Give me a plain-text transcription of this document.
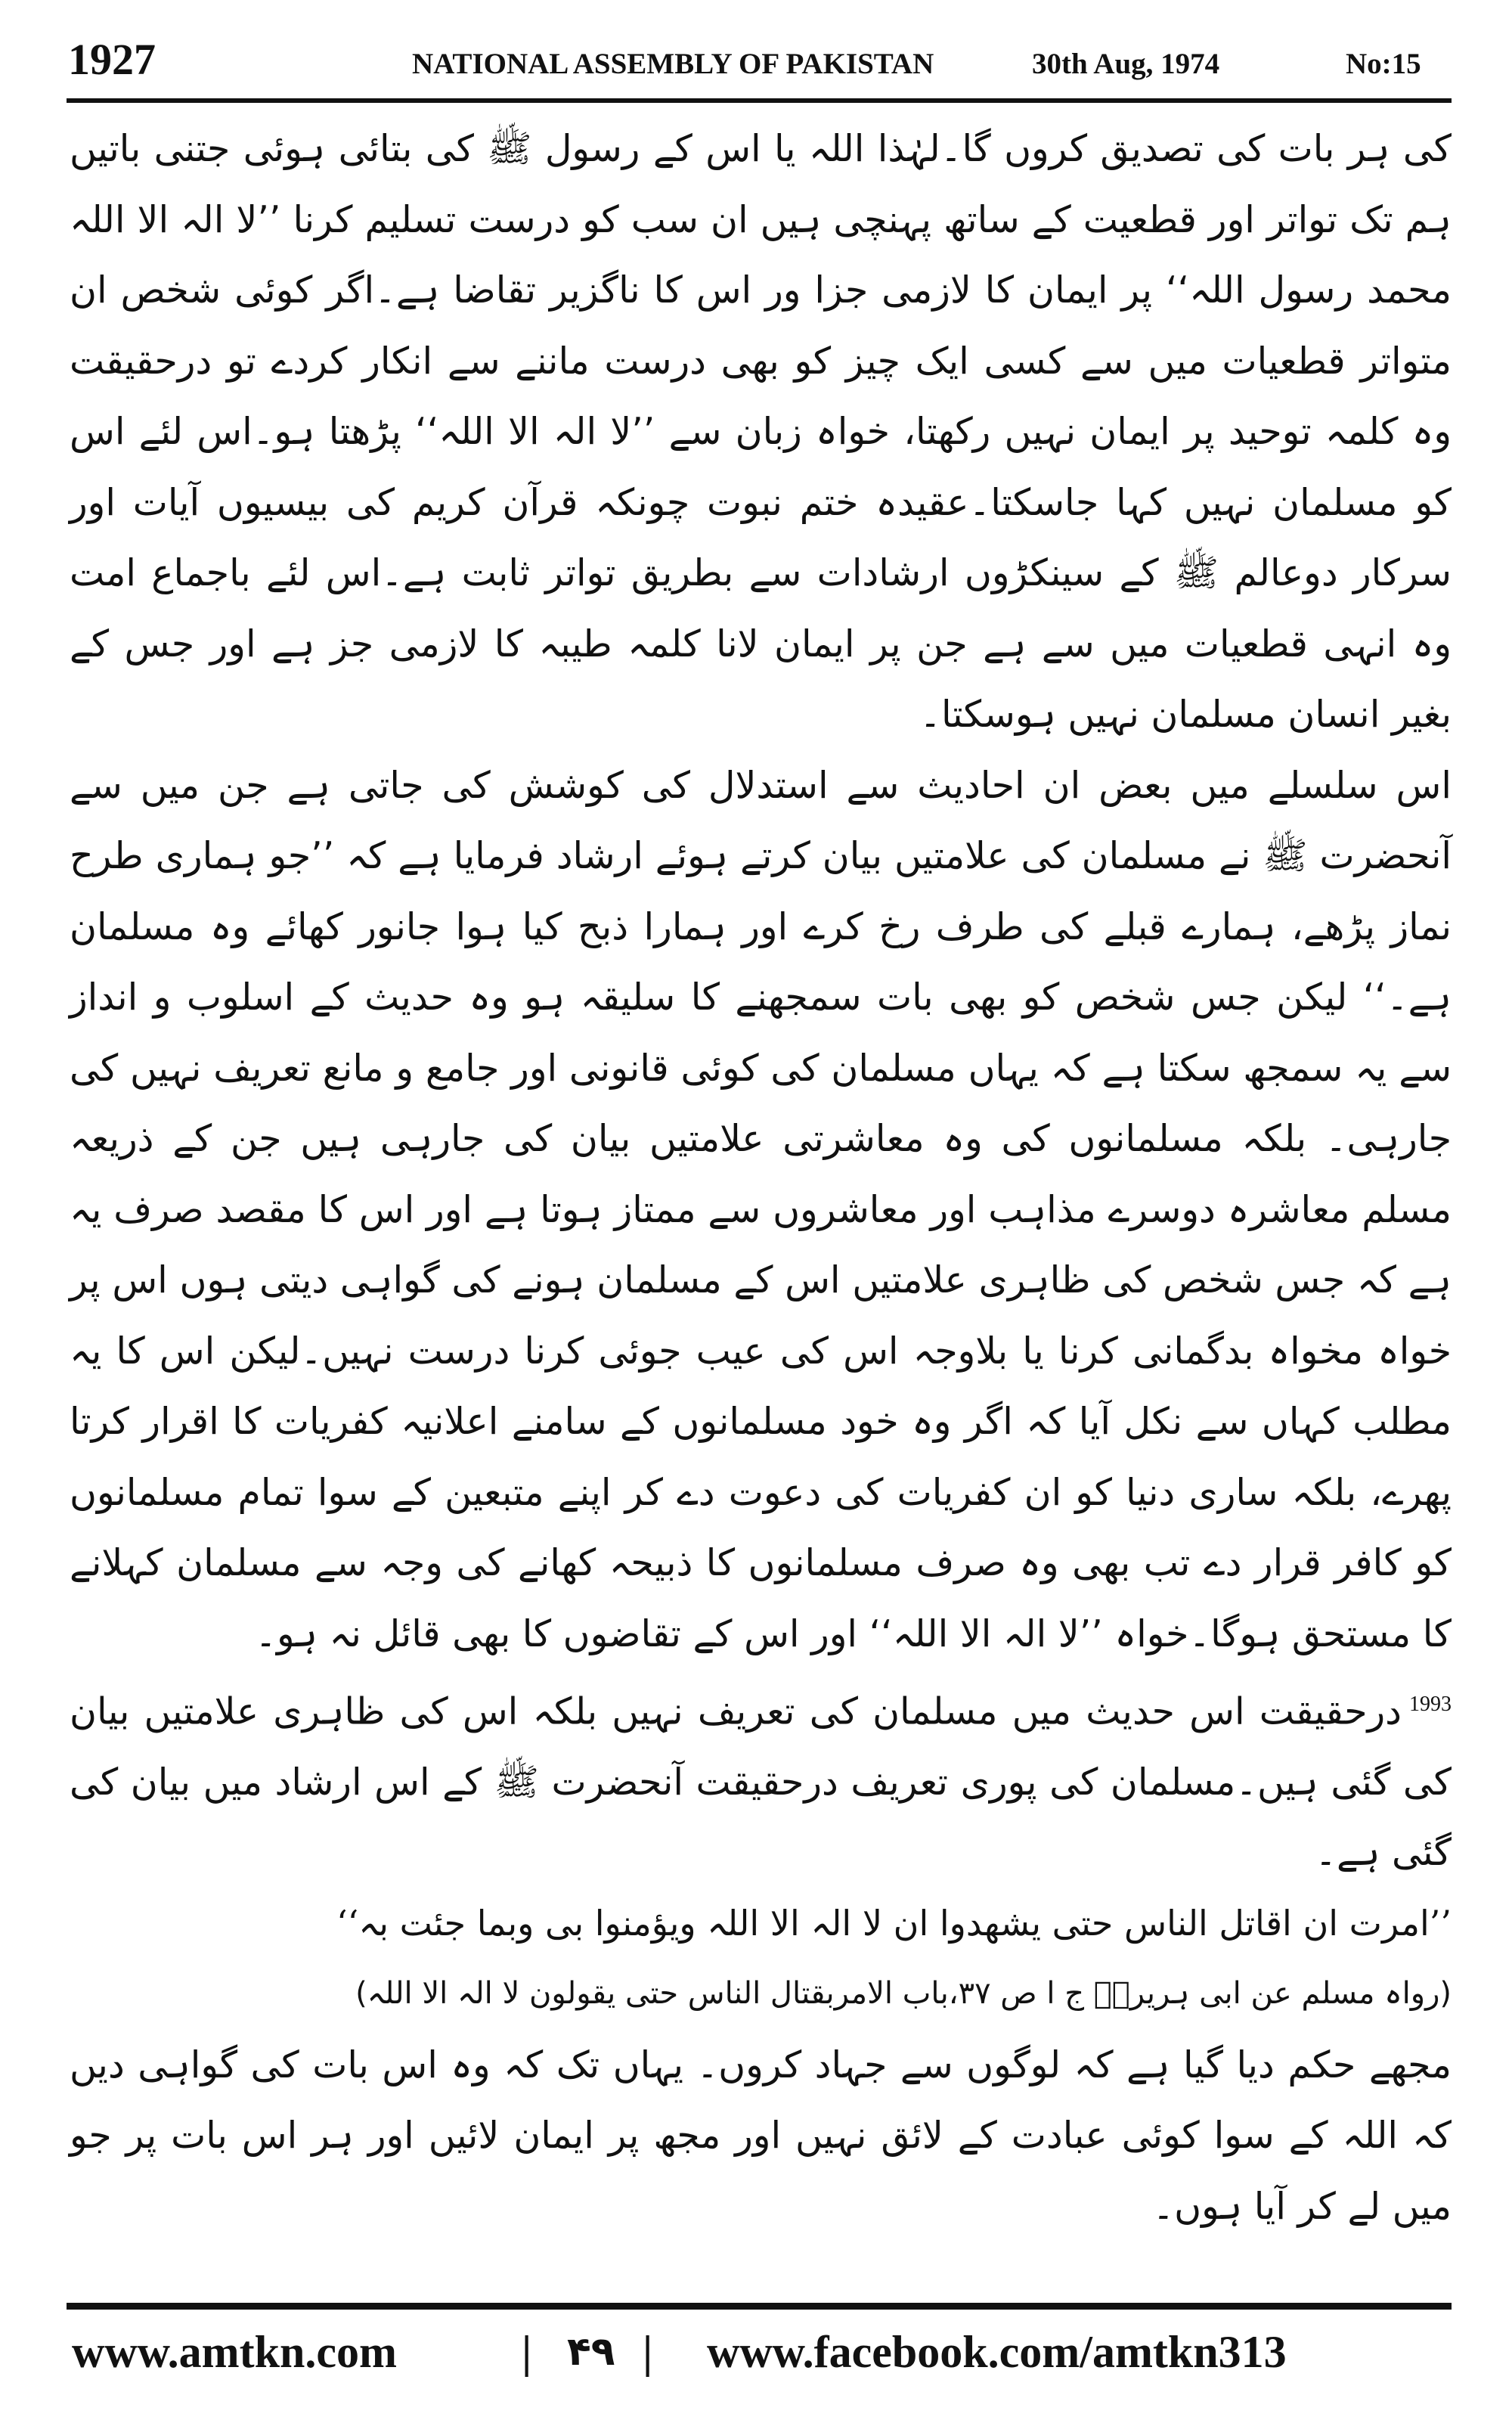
1927	NATIONAL ASSEMBLY OF PAKISTAN	30th Aug, 1974	No:15

کی ہر بات کی تصدیق کروں گا۔لہٰذا اللہ یا اس کے رسول ﷺ کی بتائی ہوئی جتنی باتیں ہم تک تواتر اور قطعیت کے ساتھ پہنچی ہیں ان سب کو درست تسلیم کرنا ’’لا الہ الا اللہ محمد رسول اللہ‘‘ پر ایمان کا لازمی جزا ور اس کا ناگزیر تقاضا ہے۔اگر کوئی شخص ان متواتر قطعیات میں سے کسی ایک چیز کو بھی درست ماننے سے انکار کردے تو درحقیقت وہ کلمہ توحید پر ایمان نہیں رکھتا، خواہ زبان سے ’’لا الہ الا اللہ‘‘ پڑھتا ہو۔اس لئے اس کو مسلمان نہیں کہا جاسکتا۔عقیدہ ختم نبوت چونکہ قرآن کریم کی بیسیوں آیات اور سرکار دوعالم ﷺ کے سینکڑوں ارشادات سے بطریق تواتر ثابت ہے۔اس لئے باجماع امت وہ انہی قطعیات میں سے ہے جن پر ایمان لانا کلمہ طیبہ کا لازمی جز ہے اور جس کے بغیر انسان مسلمان نہیں ہوسکتا۔

اس سلسلے میں بعض ان احادیث سے استدلال کی کوشش کی جاتی ہے جن میں سے آنحضرت ﷺ نے مسلمان کی علامتیں بیان کرتے ہوئے ارشاد فرمایا ہے کہ ’’جو ہماری طرح نماز پڑھے، ہمارے قبلے کی طرف رخ کرے اور ہمارا ذبح کیا ہوا جانور کھائے وہ مسلمان ہے۔‘‘ لیکن جس شخص کو بھی بات سمجھنے کا سلیقہ ہو وہ حدیث کے اسلوب و انداز سے یہ سمجھ سکتا ہے کہ یہاں مسلمان کی کوئی قانونی اور جامع و مانع تعریف نہیں کی جارہی۔ بلکہ مسلمانوں کی وہ معاشرتی علامتیں بیان کی جارہی ہیں جن کے ذریعہ مسلم معاشرہ دوسرے مذاہب اور معاشروں سے ممتاز ہوتا ہے اور اس کا مقصد صرف یہ ہے کہ جس شخص کی ظاہری علامتیں اس کے مسلمان ہونے کی گواہی دیتی ہوں اس پر خواہ مخواہ بدگمانی کرنا یا بلاوجہ اس کی عیب جوئی کرنا درست نہیں۔لیکن اس کا یہ مطلب کہاں سے نکل آیا کہ اگر وہ خود مسلمانوں کے سامنے اعلانیہ کفریات کا اقرار کرتا پھرے، بلکہ ساری دنیا کو ان کفریات کی دعوت دے کر اپنے متبعین کے سوا تمام مسلمانوں کو کافر قرار دے تب بھی وہ صرف مسلمانوں کا ذبیحہ کھانے کی وجہ سے مسلمان کہلانے کا مستحق ہوگا۔خواہ ’’لا الہ الا اللہ‘‘ اور اس کے تقاضوں کا بھی قائل نہ ہو۔

$^{1993}$درحقیقت اس حدیث میں مسلمان کی تعریف نہیں بلکہ اس کی ظاہری علامتیں بیان کی گئی ہیں۔مسلمان کی پوری تعریف درحقیقت آنحضرت ﷺ کے اس ارشاد میں بیان کی گئی ہے۔

’’امرت ان اقاتل الناس حتی یشھدوا ان لا الہ الا اللہ ویؤمنوا بی وبما جئت بہ‘‘

(رواہ مسلم عن ابی ہریرہؓ ج ا ص ۳۷،باب الامربقتال الناس حتی یقولون لا الہ الا اللہ)

مجھے حکم دیا گیا ہے کہ لوگوں سے جہاد کروں۔ یہاں تک کہ وہ اس بات کی گواہی دیں کہ اللہ کے سوا کوئی عبادت کے لائق نہیں اور مجھ پر ایمان لائیں اور ہر اس بات پر جو میں لے کر آیا ہوں۔

www.amtkn.com	| ۴۹ | www.facebook.com/amtkn313
